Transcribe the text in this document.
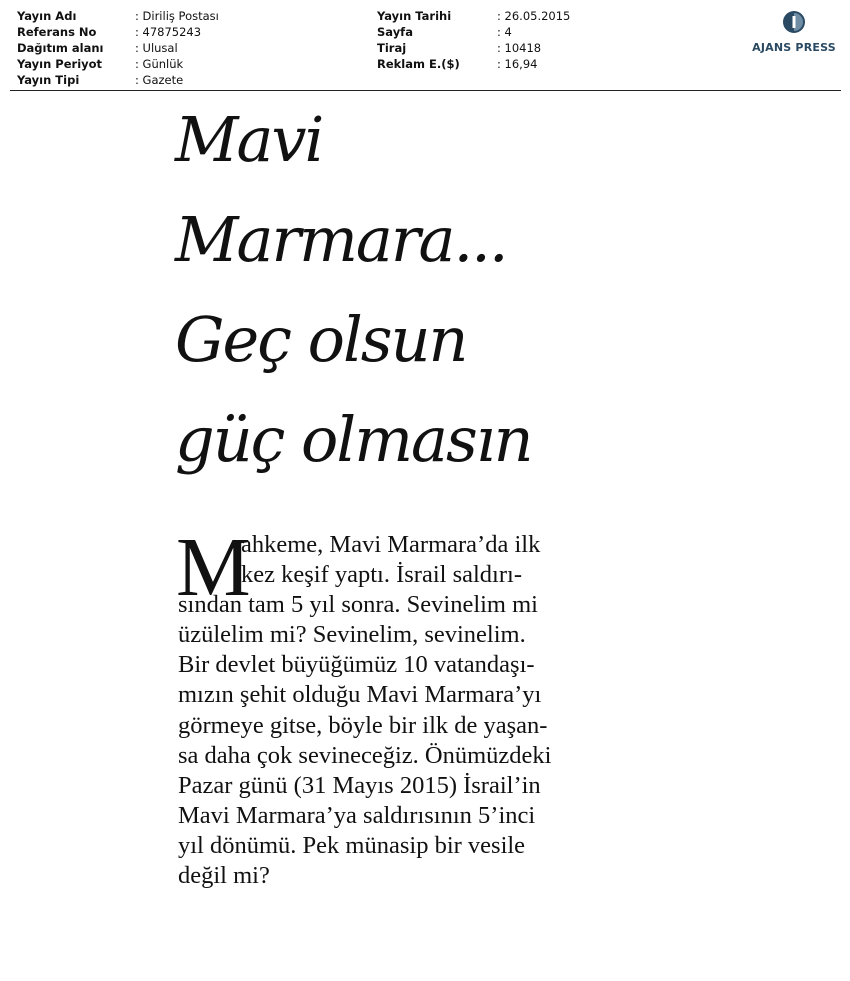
Yayın Adı	: Diriliş Postası
Referans No	: 47875243
Dağıtım alanı	: Ulusal
Yayın Periyot	: Günlük
Yayın Tipi	: Gazete
Yayın Tarihi	: 26.05.2015
Sayfa	: 4
Tiraj	: 10418
Reklam E.($)	: 16,94
AJANS PRESS
Mavi
Marmara...
Geç olsun
güç olmasın
M
ahkeme, Mavi Marmara’da ilk
kez keşif yaptı. İsrail saldırı-
sından tam 5 yıl sonra. Sevinelim mi
üzülelim mi? Sevinelim, sevinelim.
Bir devlet büyüğümüz 10 vatandaşı-
mızın şehit olduğu Mavi Marmara’yı
görmeye gitse, böyle bir ilk de yaşan-
sa daha çok sevineceğiz. Önümüzdeki
Pazar günü (31 Mayıs 2015) İsrail’in
Mavi Marmara’ya saldırısının 5’inci
yıl dönümü. Pek münasip bir vesile
değil mi?
